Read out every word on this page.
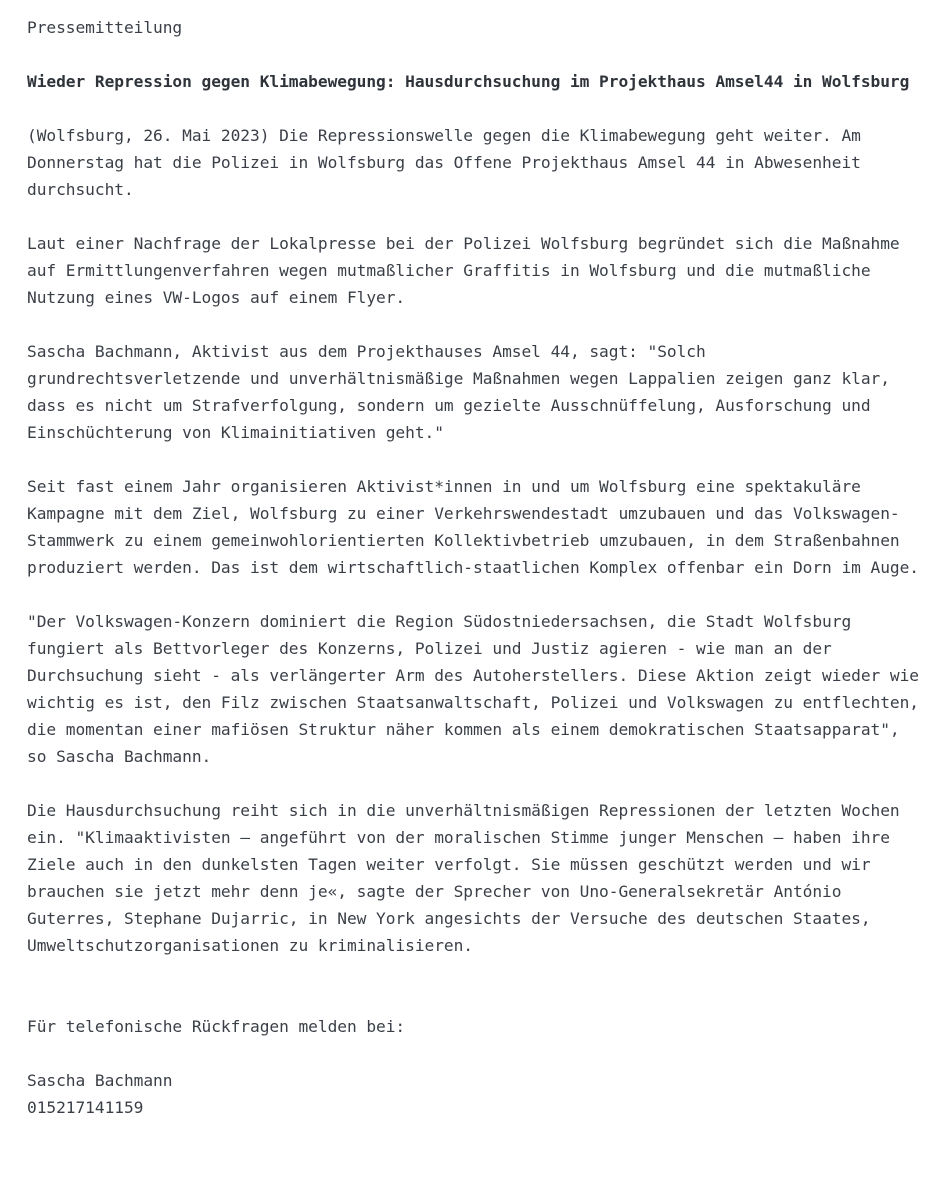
Pressemitteilung

Wieder Repression gegen Klimabewegung: Hausdurchsuchung im Projekthaus Amsel44 in Wolfsburg

(Wolfsburg, 26. Mai 2023) Die Repressionswelle gegen die Klimabewegung geht weiter. Am Donnerstag hat die Polizei in Wolfsburg das Offene Projekthaus Amsel 44 in Abwesenheit durchsucht.

Laut einer Nachfrage der Lokalpresse bei der Polizei Wolfsburg begründet sich die Maßnahme auf Ermittlungenverfahren wegen mutmaßlicher Graffitis in Wolfsburg und die mutmaßliche Nutzung eines VW-Logos auf einem Flyer.

Sascha Bachmann, Aktivist aus dem Projekthauses Amsel 44, sagt: "Solch grundrechtsverletzende und unverhältnismäßige Maßnahmen wegen Lappalien zeigen ganz klar, dass es nicht um Strafverfolgung, sondern um gezielte Ausschnüffelung, Ausforschung und Einschüchterung von Klimainitiativen geht."

Seit fast einem Jahr organisieren Aktivist*innen in und um Wolfsburg eine spektakuläre Kampagne mit dem Ziel, Wolfsburg zu einer Verkehrswendestadt umzubauen und das Volkswagen-Stammwerk zu einem gemeinwohlorientierten Kollektivbetrieb umzubauen, in dem Straßenbahnen produziert werden. Das ist dem wirtschaftlich-staatlichen Komplex offenbar ein Dorn im Auge.

"Der Volkswagen-Konzern dominiert die Region Südostniedersachsen, die Stadt Wolfsburg fungiert als Bettvorleger des Konzerns, Polizei und Justiz agieren - wie man an der Durchsuchung sieht - als verlängerter Arm des Autoherstellers. Diese Aktion zeigt wieder wie wichtig es ist, den Filz zwischen Staatsanwaltschaft, Polizei und Volkswagen zu entflechten, die momentan einer mafiösen Struktur näher kommen als einem demokratischen Staatsapparat", so Sascha Bachmann.

Die Hausdurchsuchung reiht sich in die unverhältnismäßigen Repressionen der letzten Wochen ein. "Klimaaktivisten — angeführt von der moralischen Stimme junger Menschen — haben ihre Ziele auch in den dunkelsten Tagen weiter verfolgt. Sie müssen geschützt werden und wir brauchen sie jetzt mehr denn je«, sagte der Sprecher von Uno-Generalsekretär António Guterres, Stephane Dujarric, in New York angesichts der Versuche des deutschen Staates, Umweltschutzorganisationen zu kriminalisieren.

Für telefonische Rückfragen melden bei:

Sascha Bachmann

015217141159
